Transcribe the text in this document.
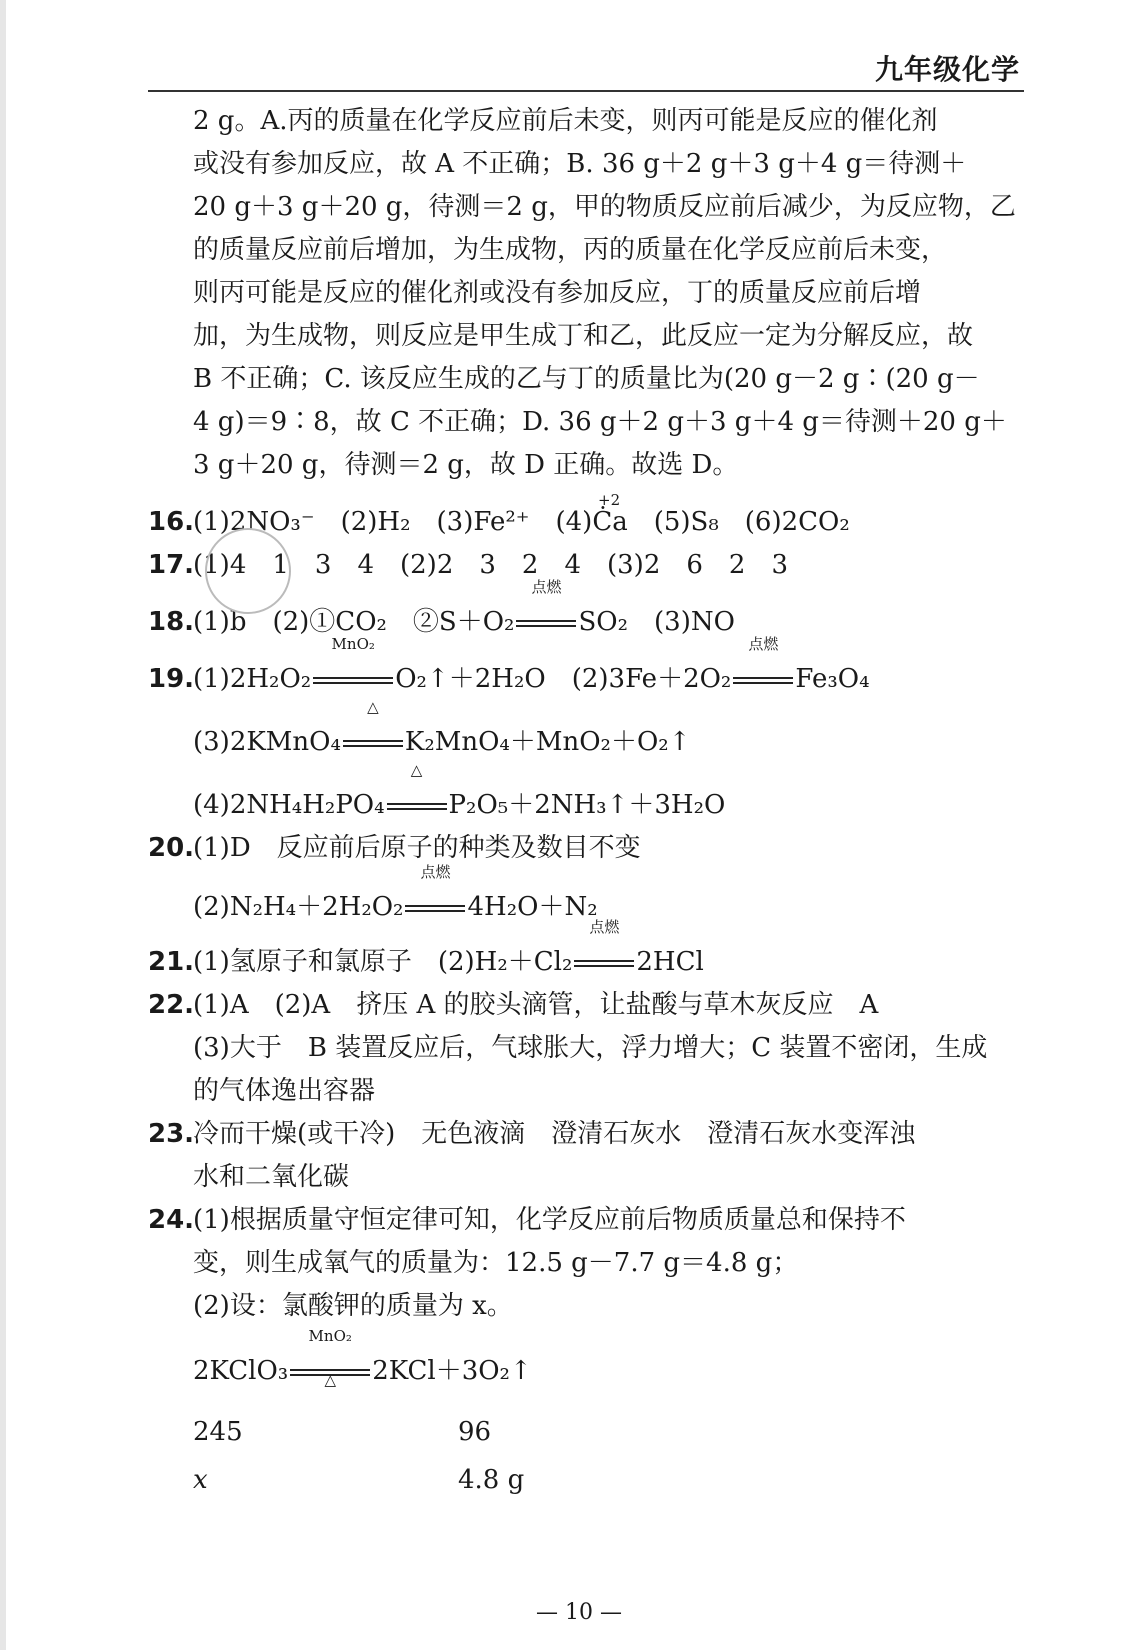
九年级化学

2 g。A.丙的质量在化学反应前后未变，则丙可能是反应的催化剂

或没有参加反应，故 A 不正确；B. 36 g＋2 g＋3 g＋4 g＝待测＋

20 g＋3 g＋20 g，待测＝2 g，甲的物质反应前后减少，为反应物，乙

的质量反应前后增加，为生成物，丙的质量在化学反应前后未变，

则丙可能是反应的催化剂或没有参加反应，丁的质量反应前后增

加，为生成物，则反应是甲生成丁和乙，此反应一定为分解反应，故

B 不正确；C. 该反应生成的乙与丁的质量比为(20 g－2 g∶(20 g－

4 g)＝9∶8，故 C 不正确；D. 36 g＋2 g＋3 g＋4 g＝待测＋20 g＋

3 g＋20 g，待测＝2 g，故 D 正确。故选 D。

16.
+2
(1)2NO₃⁻　(2)H₂　(3)Fe²⁺　(4)Ċa　(5)S₈　(6)2CO₂
17.
(1)4　1　3　4　(2)2　3　2　4　(3)2　6　2　3
18.
(1)b　(2)①CO₂　②S＋O₂
点燃
SO₂　(3)NO
19.
(1)2H₂O₂
MnO₂
O₂↑＋2H₂O　(2)3Fe＋2O₂
点燃
Fe₃O₄
(3)2KMnO₄
△
K₂MnO₄＋MnO₂＋O₂↑
(4)2NH₄H₂PO₄
△
P₂O₅＋2NH₃↑＋3H₂O
20.
(1)D　反应前后原子的种类及数目不变
(2)N₂H₄＋2H₂O₂
点燃
4H₂O＋N₂
21.
(1)氢原子和氯原子　(2)H₂＋Cl₂
点燃
2HCl
22.
(1)A　(2)A　挤压 A 的胶头滴管，让盐酸与草木灰反应　A
(3)大于　B 装置反应后，气球胀大，浮力增大；C 装置不密闭，生成
的气体逸出容器
23.
冷而干燥(或干冷)　无色液滴　澄清石灰水　澄清石灰水变浑浊
水和二氧化碳
24.
(1)根据质量守恒定律可知，化学反应前后物质质量总和保持不
变，则生成氧气的质量为：12.5 g－7.7 g＝4.8 g；
(2)设：氯酸钾的质量为 x。
2KClO₃
MnO₂
△	2KCl＋3O₂↑
245	96
x	4.8 g
— 10 —
